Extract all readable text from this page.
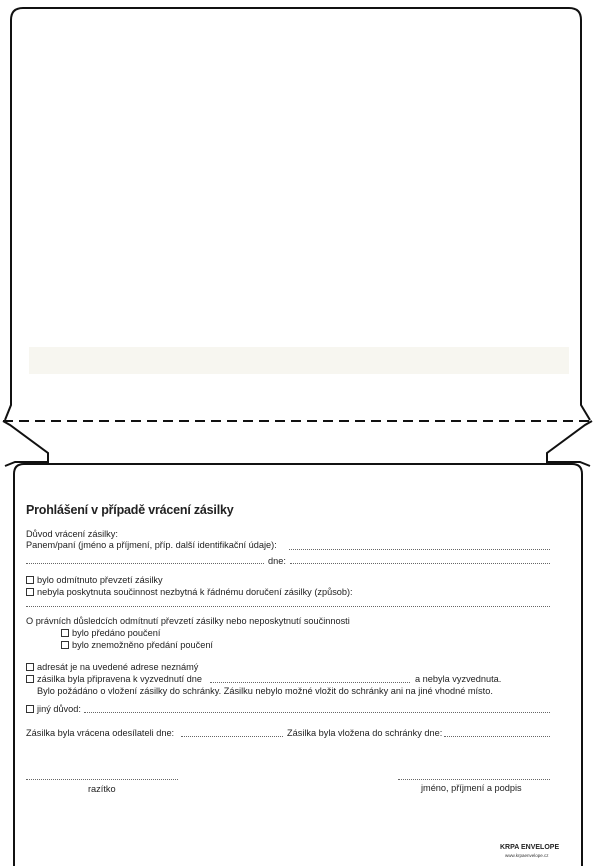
Prohlášení v případě vrácení zásilky
Důvod vrácení zásilky:
Panem/paní (jméno a příjmení, příp. další identifikační údaje):
dne:
bylo odmítnuto převzetí zásilky
nebyla poskytnuta součinnost nezbytná k řádnému doručení zásilky (způsob):
O právních důsledcích odmítnutí převzetí zásilky nebo neposkytnutí součinnosti
bylo předáno poučení
bylo znemožněno předání poučení
adresát je na uvedené adrese neznámý
zásilka byla připravena k vyzvednutí dne	a nebyla vyzvednuta.
Bylo požádáno o vložení zásilky do schránky. Zásilku nebylo možné vložit do schránky ani na jiné vhodné místo.
jiný důvod:
Zásilka byla vrácena odesílateli dne:	Zásilka byla vložena do schránky dne:
razítko	jméno, příjmení a podpis
KRPA ENVELOPE
www.krpaenvelope.cz
